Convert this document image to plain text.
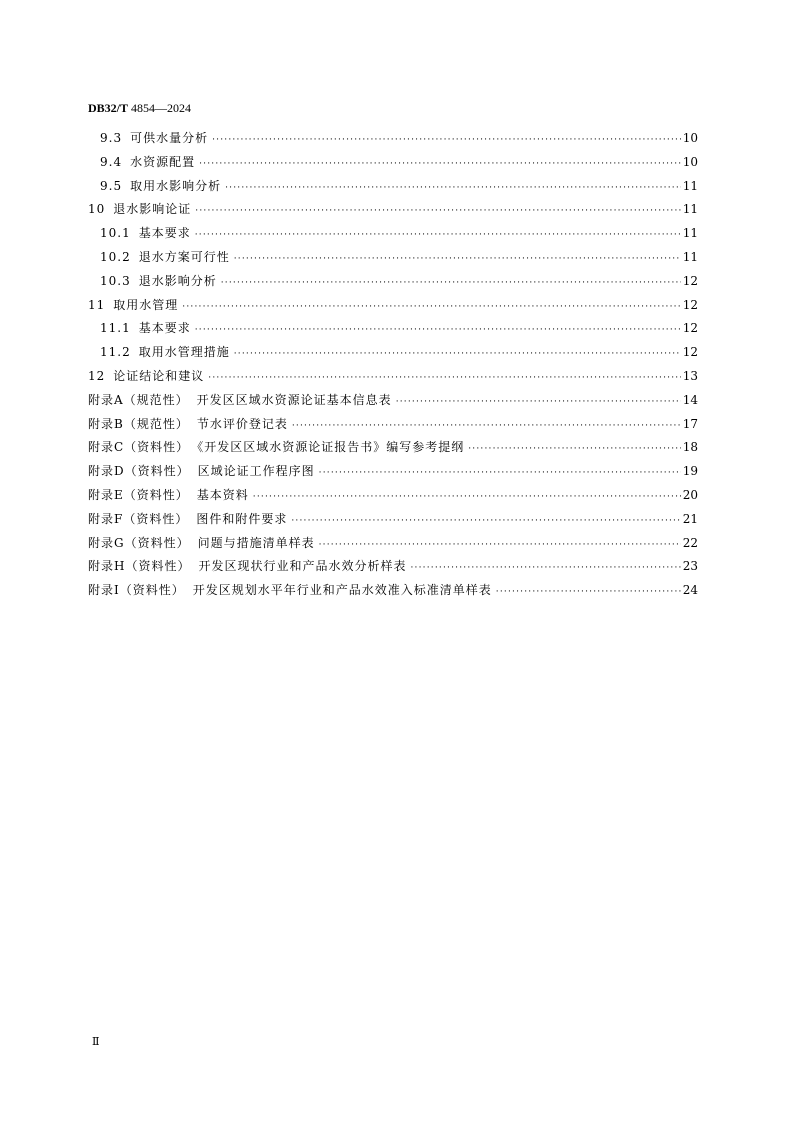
DB32/T 4854—2024
9.3 可供水量分析 ·····	10
9.4 水资源配置 ·····	10
9.5 取用水影响分析 ·····	11
10 退水影响论证 ·····	11
10.1 基本要求 ·····	11
10.2 退水方案可行性 ·····	11
10.3 退水影响分析 ·····	12
11 取用水管理 ·····	12
11.1 基本要求 ·····	12
11.2 取用水管理措施 ·····	12
12 论证结论和建议 ·····	13
附录A（规范性） 开发区区域水资源论证基本信息表 ·····	14
附录B（规范性） 节水评价登记表 ·····	17
附录C（资料性） 《开发区区域水资源论证报告书》编写参考提纲 ·····	18
附录D（资料性） 区域论证工作程序图 ·····	19
附录E（资料性） 基本资料 ·····	20
附录F（资料性） 图件和附件要求 ·····	21
附录G（资料性） 问题与措施清单样表 ·····	22
附录H（资料性） 开发区现状行业和产品水效分析样表 ·····	23
附录I（资料性） 开发区规划水平年行业和产品水效准入标准清单样表 ·····	24
Ⅱ
